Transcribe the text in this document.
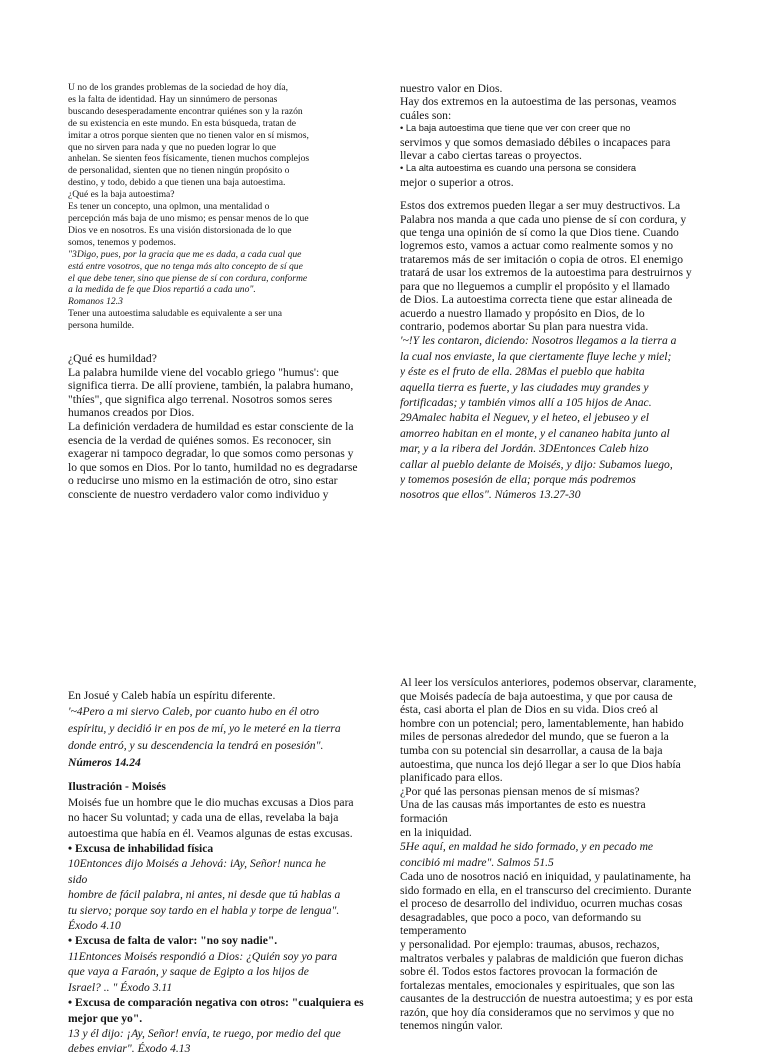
U no de los grandes problemas de la sociedad de hoy día,
es la falta de identidad. Hay un sinnúmero de personas
buscando desesperadamente encontrar quiénes son y la razón
de su existencia en este mundo. En esta búsqueda, tratan de
imitar a otros porque sienten que no tienen valor en sí mismos,
que no sirven para nada y que no pueden lograr lo que
anhelan. Se sienten feos físicamente, tienen muchos complejos
de personalidad, sienten que no tienen ningún propósito o
destino, y todo, debido a que tienen una baja autoestima.
¿Qué es la baja autoestima?
Es tener un concepto, una oplmon, una mentalidad o
percepción más baja de uno mismo; es pensar menos de lo que
Dios ve en nosotros. Es una visión distorsionada de lo que
somos, tenemos y podemos.
"3Digo, pues, por la gracia que me es dada, a cada cual que
está entre vosotros, que no tenga más alto concepto de sí que
el que debe tener, sino que piense de sí con cordura, conforme
a la medida de fe que Dios repartió a cada uno".
Romanos 12.3
Tener una autoestima saludable es equivalente a ser una
persona humilde.
¿Qué es humildad?
La palabra humilde viene del vocablo griego "humus': que
significa tierra. De allí proviene, también, la palabra humano,
"thíes", que significa algo terrenal. Nosotros somos seres
humanos creados por Dios.
La definición verdadera de humildad es estar consciente de la
esencia de la verdad de quiénes somos. Es reconocer, sin
exagerar ni tampoco degradar, lo que somos como personas y
lo que somos en Dios. Por lo tanto, humildad no es degradarse
o reducirse uno mismo en la estimación de otro, sino estar
consciente de nuestro verdadero valor como individuo y
nuestro valor en Dios.
Hay dos extremos en la autoestima de las personas, veamos
cuáles son:
• La baja autoestima que tiene que ver con creer que no
servimos y que somos demasiado débiles o incapaces para
llevar a cabo ciertas tareas o proyectos.
• La alta autoestima es cuando una persona se considera
mejor o superior a otros.
Estos dos extremos pueden llegar a ser muy destructivos. La
Palabra nos manda a que cada uno piense de sí con cordura, y
que tenga una opinión de sí como la que Dios tiene. Cuando
logremos esto, vamos a actuar como realmente somos y no
trataremos más de ser imitación o copia de otros. El enemigo
tratará de usar los extremos de la autoestima para destruirnos y
para que no lleguemos a cumplir el propósito y el llamado
de Dios. La autoestima correcta tiene que estar alineada de
acuerdo a nuestro llamado y propósito en Dios, de lo
contrario, podemos abortar Su plan para nuestra vida.
'~!Y les contaron, diciendo: Nosotros llegamos a la tierra a
la cual nos enviaste, la que ciertamente fluye leche y miel;
y éste es el fruto de ella. 28Mas el pueblo que habita
aquella tierra es fuerte, y las ciudades muy grandes y
fortificadas; y también vimos allí a 105 hijos de Anac.
29Amalec habita el Neguev, y el heteo, el jebuseo y el
amorreo habitan en el monte, y el cananeo habita junto al
mar, y a la ribera del Jordán. 3DEntonces Caleb hizo
callar al pueblo delante de Moisés, y dijo: Subamos luego,
y tomemos posesión de ella; porque más podremos
nosotros que ellos". Números 13.27-30
En Josué y Caleb había un espíritu diferente.
'~4Pero a mi siervo Caleb, por cuanto hubo en él otro
espíritu, y decidió ir en pos de mí, yo le meteré en la tierra
donde entró, y su descendencia la tendrá en posesión".
Números 14.24
Ilustración - Moisés
Moisés fue un hombre que le dio muchas excusas a Dios para
no hacer Su voluntad; y cada una de ellas, revelaba la baja
autoestima que había en él. Veamos algunas de estas excusas.
• Excusa de inhabilidad física
10Entonces dijo Moisés a Jehová: iAy, Señor! nunca he
sido
hombre de fácil palabra, ni antes, ni desde que tú hablas a
tu siervo; porque soy tardo en el habla y torpe de lengua".
Éxodo 4.10
• Excusa de falta de valor: "no soy nadie".
11Entonces Moisés respondió a Dios: ¿Quién soy yo para
que vaya a Faraón, y saque de Egipto a los hijos de
Israel? .. " Éxodo 3.11
• Excusa de comparación negativa con otros: "cualquiera es
mejor que yo".
13 y él dijo: ¡Ay, Señor! envía, te ruego, por medio del que
debes enviar". Éxodo 4.13
Al leer los versículos anteriores, podemos observar, claramente,
que Moisés padecía de baja autoestima, y que por causa de
ésta, casi aborta el plan de Dios en su vida. Dios creó al
hombre con un potencial; pero, lamentablemente, han habido
miles de personas alrededor del mundo, que se fueron a la
tumba con su potencial sin desarrollar, a causa de la baja
autoestima, que nunca los dejó llegar a ser lo que Dios había
planificado para ellos.
¿Por qué las personas piensan menos de sí mismas?
Una de las causas más importantes de esto es nuestra
formación
en la iniquidad.
5He aquí, en maldad he sido formado, y en pecado me
concibió mi madre". Salmos 51.5
Cada uno de nosotros nació en iniquidad, y paulatinamente, ha
sido formado en ella, en el transcurso del crecimiento. Durante
el proceso de desarrollo del individuo, ocurren muchas cosas
desagradables, que poco a poco, van deformando su
temperamento
y personalidad. Por ejemplo: traumas, abusos, rechazos,
maltratos verbales y palabras de maldición que fueron dichas
sobre él. Todos estos factores provocan la formación de
fortalezas mentales, emocionales y espirituales, que son las
causantes de la destrucción de nuestra autoestima; y es por esta
razón, que hoy día consideramos que no servimos y que no
tenemos ningún valor.
